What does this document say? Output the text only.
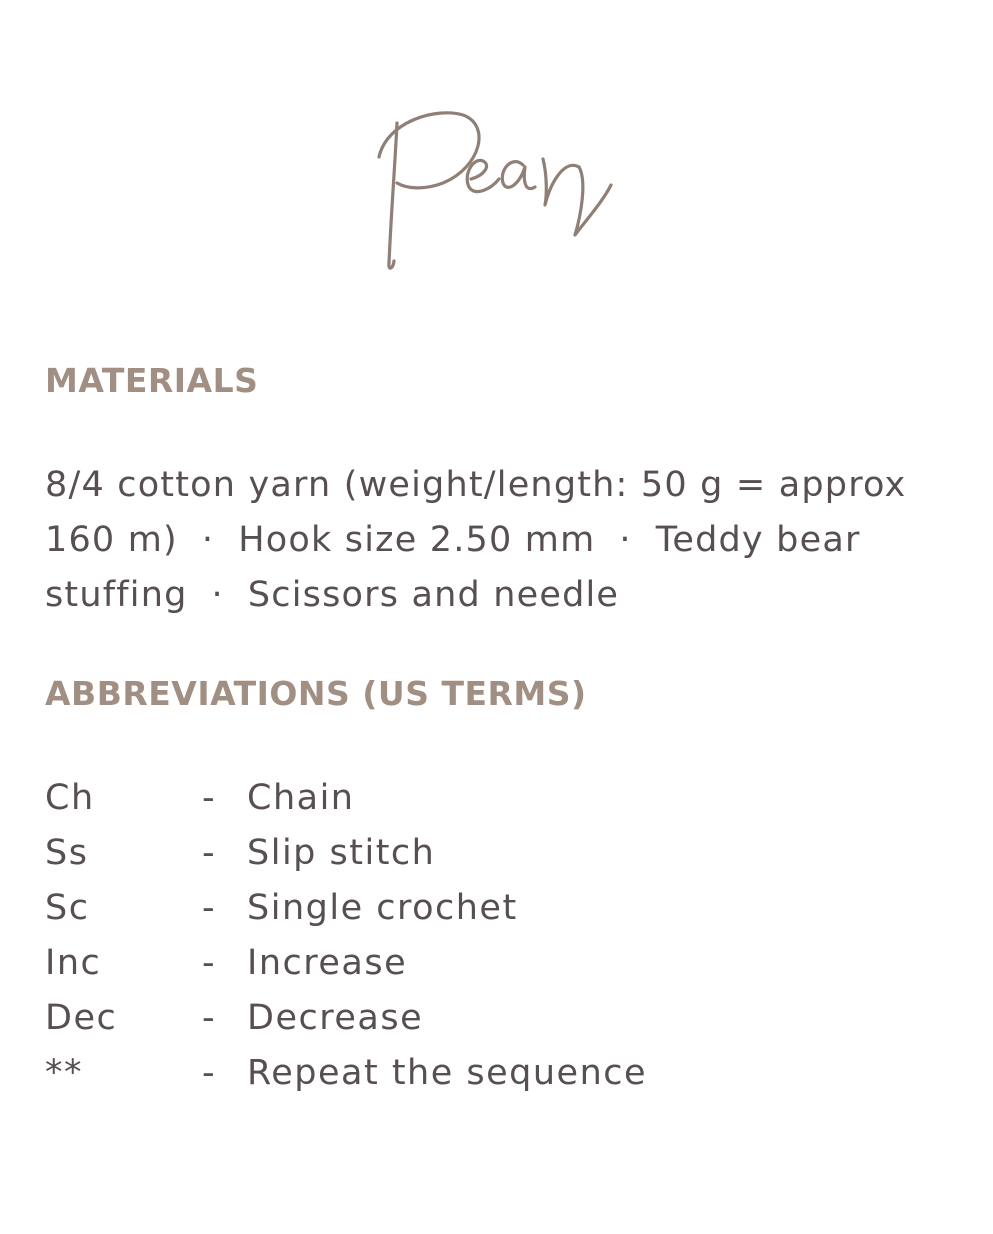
MATERIALS

8/4 cotton yarn (weight/length: 50 g = approx 160 m) · Hook size 2.50 mm · Teddy bear stuffing · Scissors and needle

ABBREVIATIONS (US TERMS)
Ch	- Chain
Ss	- Slip stitch
Sc	- Single crochet
Inc	- Increase
Dec	- Decrease
**	- Repeat the sequence
